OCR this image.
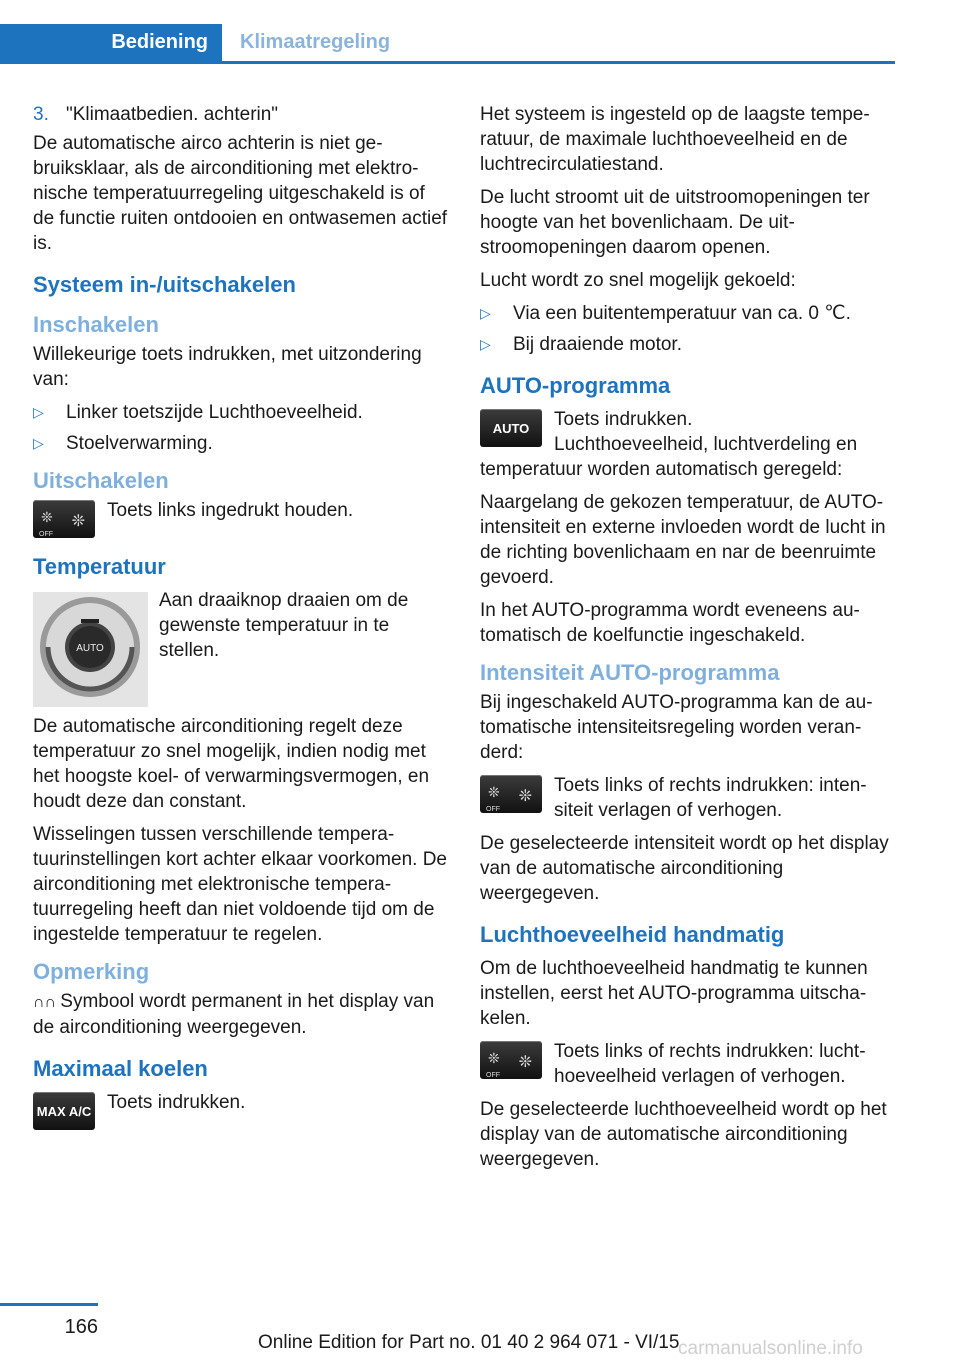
Bediening	Klimaatregeling
3. "Klimaatbedien. achterin"

De automatische airco achterin is niet gebruiksklaar, als de airconditioning met elektronische temperatuurregeling uitgeschakeld is of de functie ruiten ontdooien en ontwasemen actief is.

Systeem in-/uitschakelen
Inschakelen

Willekeurige toets indrukken, met uitzondering van:

▷	Linker toetszijde Luchthoeveelheid.
▷	Stoelverwarming.
Uitschakelen
❊
OFF
❊
Toets links ingedrukt houden.
Temperatuur
AUTO
Aan draaiknop draaien om de gewenste temperatuur in te stellen.

De automatische airconditioning regelt deze temperatuur zo snel mogelijk, indien nodig met het hoogste koel- of verwarmingsvermogen, en houdt deze dan constant.

Wisselingen tussen verschillende temperatuurinstellingen kort achter elkaar voorkomen. De airconditioning met elektronische temperatuurregeling heeft dan niet voldoende tijd om de ingestelde temperatuur te regelen.

Opmerking

∩∩ Symbool wordt permanent in het display van de airconditioning weergegeven.

Maximaal koelen
MAX A/C Toets indrukken.

Het systeem is ingesteld op de laagste temperatuur, de maximale luchthoeveelheid en de luchtrecirculatiestand.

De lucht stroomt uit de uitstroomopeningen ter hoogte van het bovenlichaam. De uitstroomopeningen daarom openen.

Lucht wordt zo snel mogelijk gekoeld:

▷	Via een buitentemperatuur van ca. 0 ℃.
▷	Bij draaiende motor.
AUTO-programma
AUTO	Toets indrukken.
Luchthoeveelheid, luchtverdeling en temperatuur worden automatisch geregeld:

Naargelang de gekozen temperatuur, de AUTO-intensiteit en externe invloeden wordt de lucht in de richting bovenlichaam en nar de beenruimte gevoerd.

In het AUTO-programma wordt eveneens automatisch de koelfunctie ingeschakeld.

Intensiteit AUTO-programma

Bij ingeschakeld AUTO-programma kan de automatische intensiteitsregeling worden veranderd:

❊
OFF
❊
Toets links of rechts indrukken: intensiteit verlagen of verhogen.

De geselecteerde intensiteit wordt op het display van de automatische airconditioning weergegeven.

Luchthoeveelheid handmatig

Om de luchthoeveelheid handmatig te kunnen instellen, eerst het AUTO-programma uitschakelen.

❊
OFF
❊
Toets links of rechts indrukken: luchthoeveelheid verlagen of verhogen.

De geselecteerde luchthoeveelheid wordt op het display van de automatische airconditioning weergegeven.

166
Online Edition for Part no. 01 40 2 964 071 - VI/15
carmanualsonline.info
